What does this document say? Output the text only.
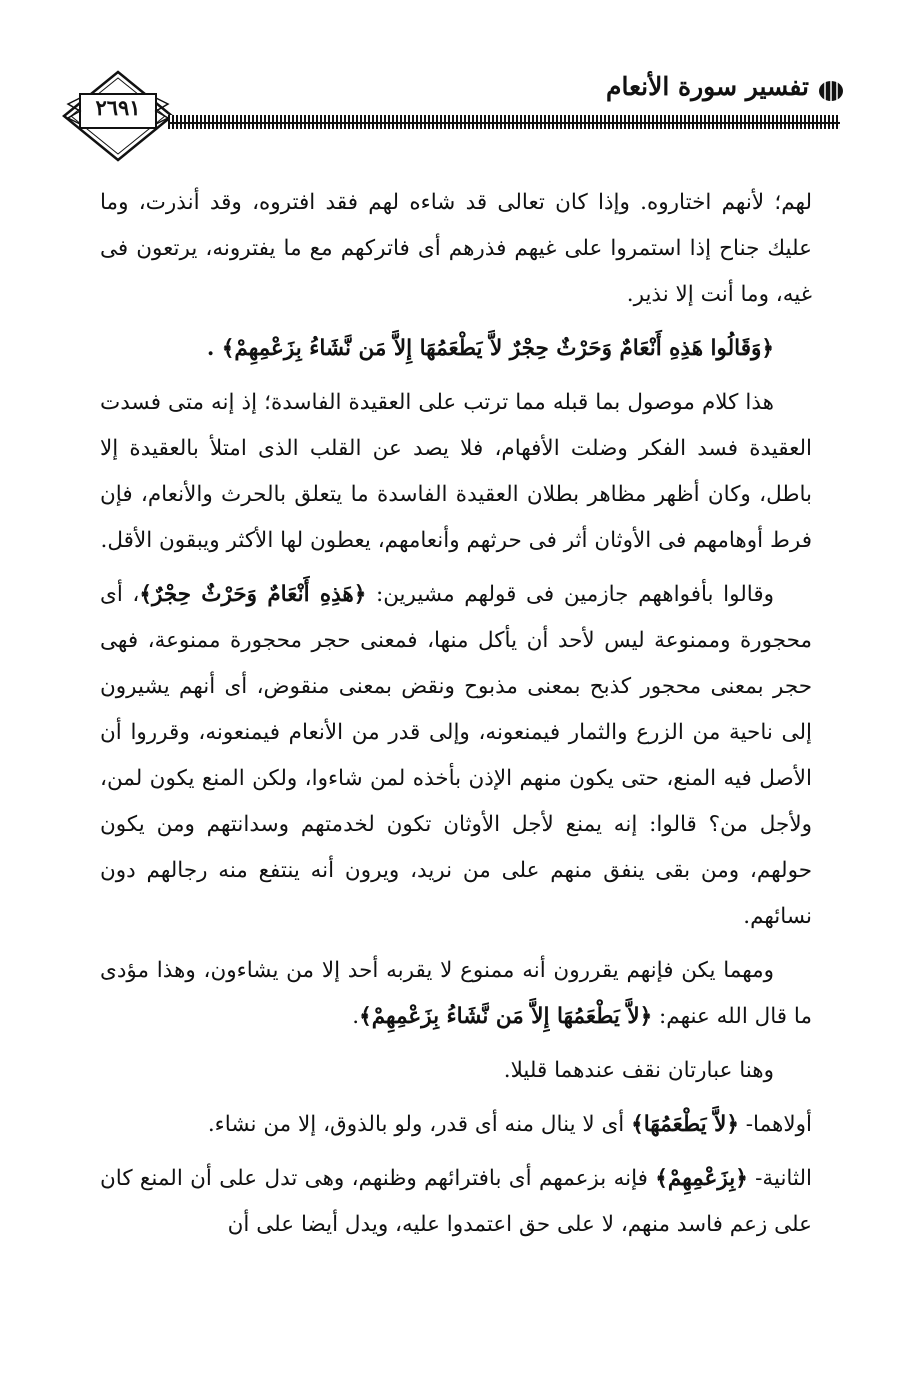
٢٦٩١
تفسير سورة الأنعام

لهم؛ لأنهم اختاروه. وإذا كان تعالى قد شاءه لهم فقد افتروه، وقد أنذرت، وما عليك جناح إذا استمروا على غيهم فذرهم أى فاتركهم مع ما يفترونه، يرتعون فى غيه، وما أنت إلا نذير.

﴿وَقَالُوا هَذِهِ أَنْعَامٌ وَحَرْثٌ حِجْرٌ لاَّ يَطْعَمُهَا إِلاَّ مَن نَّشَاءُ بِزَعْمِهِمْ﴾ .

هذا كلام موصول بما قبله مما ترتب على العقيدة الفاسدة؛ إذ إنه متى فسدت العقيدة فسد الفكر وضلت الأفهام، فلا يصد عن القلب الذى امتلأ بالعقيدة إلا باطل، وكان أظهر مظاهر بطلان العقيدة الفاسدة ما يتعلق بالحرث والأنعام، فإن فرط أوهامهم فى الأوثان أثر فى حرثهم وأنعامهم، يعطون لها الأكثر ويبقون الأقل.

وقالوا بأفواههم جازمين فى قولهم مشيرين: ﴿هَذِهِ أَنْعَامٌ وَحَرْثٌ حِجْرٌ﴾، أى محجورة وممنوعة ليس لأحد أن يأكل منها، فمعنى حجر محجورة ممنوعة، فهى حجر بمعنى محجور كذبح بمعنى مذبوح ونقض بمعنى منقوض، أى أنهم يشيرون إلى ناحية من الزرع والثمار فيمنعونه، وإلى قدر من الأنعام فيمنعونه، وقرروا أن الأصل فيه المنع، حتى يكون منهم الإذن بأخذه لمن شاءوا، ولكن المنع يكون لمن، ولأجل من؟ قالوا: إنه يمنع لأجل الأوثان تكون لخدمتهم وسدانتهم ومن يكون حولهم، ومن بقى ينفق منهم على من نريد، ويرون أنه ينتفع منه رجالهم دون نسائهم.

ومهما يكن فإنهم يقررون أنه ممنوع لا يقربه أحد إلا من يشاءون، وهذا مؤدى ما قال الله عنهم: ﴿لاَّ يَطْعَمُهَا إِلاَّ مَن نَّشَاءُ بِزَعْمِهِمْ﴾.

وهنا عبارتان نقف عندهما قليلا.

أولاهما- ﴿لاَّ يَطْعَمُهَا﴾ أى لا ينال منه أى قدر، ولو بالذوق، إلا من نشاء.

الثانية- ﴿بِزَعْمِهِمْ﴾ فإنه بزعمهم أى بافترائهم وظنهم، وهى تدل على أن المنع كان على زعم فاسد منهم، لا على حق اعتمدوا عليه، ويدل أيضا على أن
